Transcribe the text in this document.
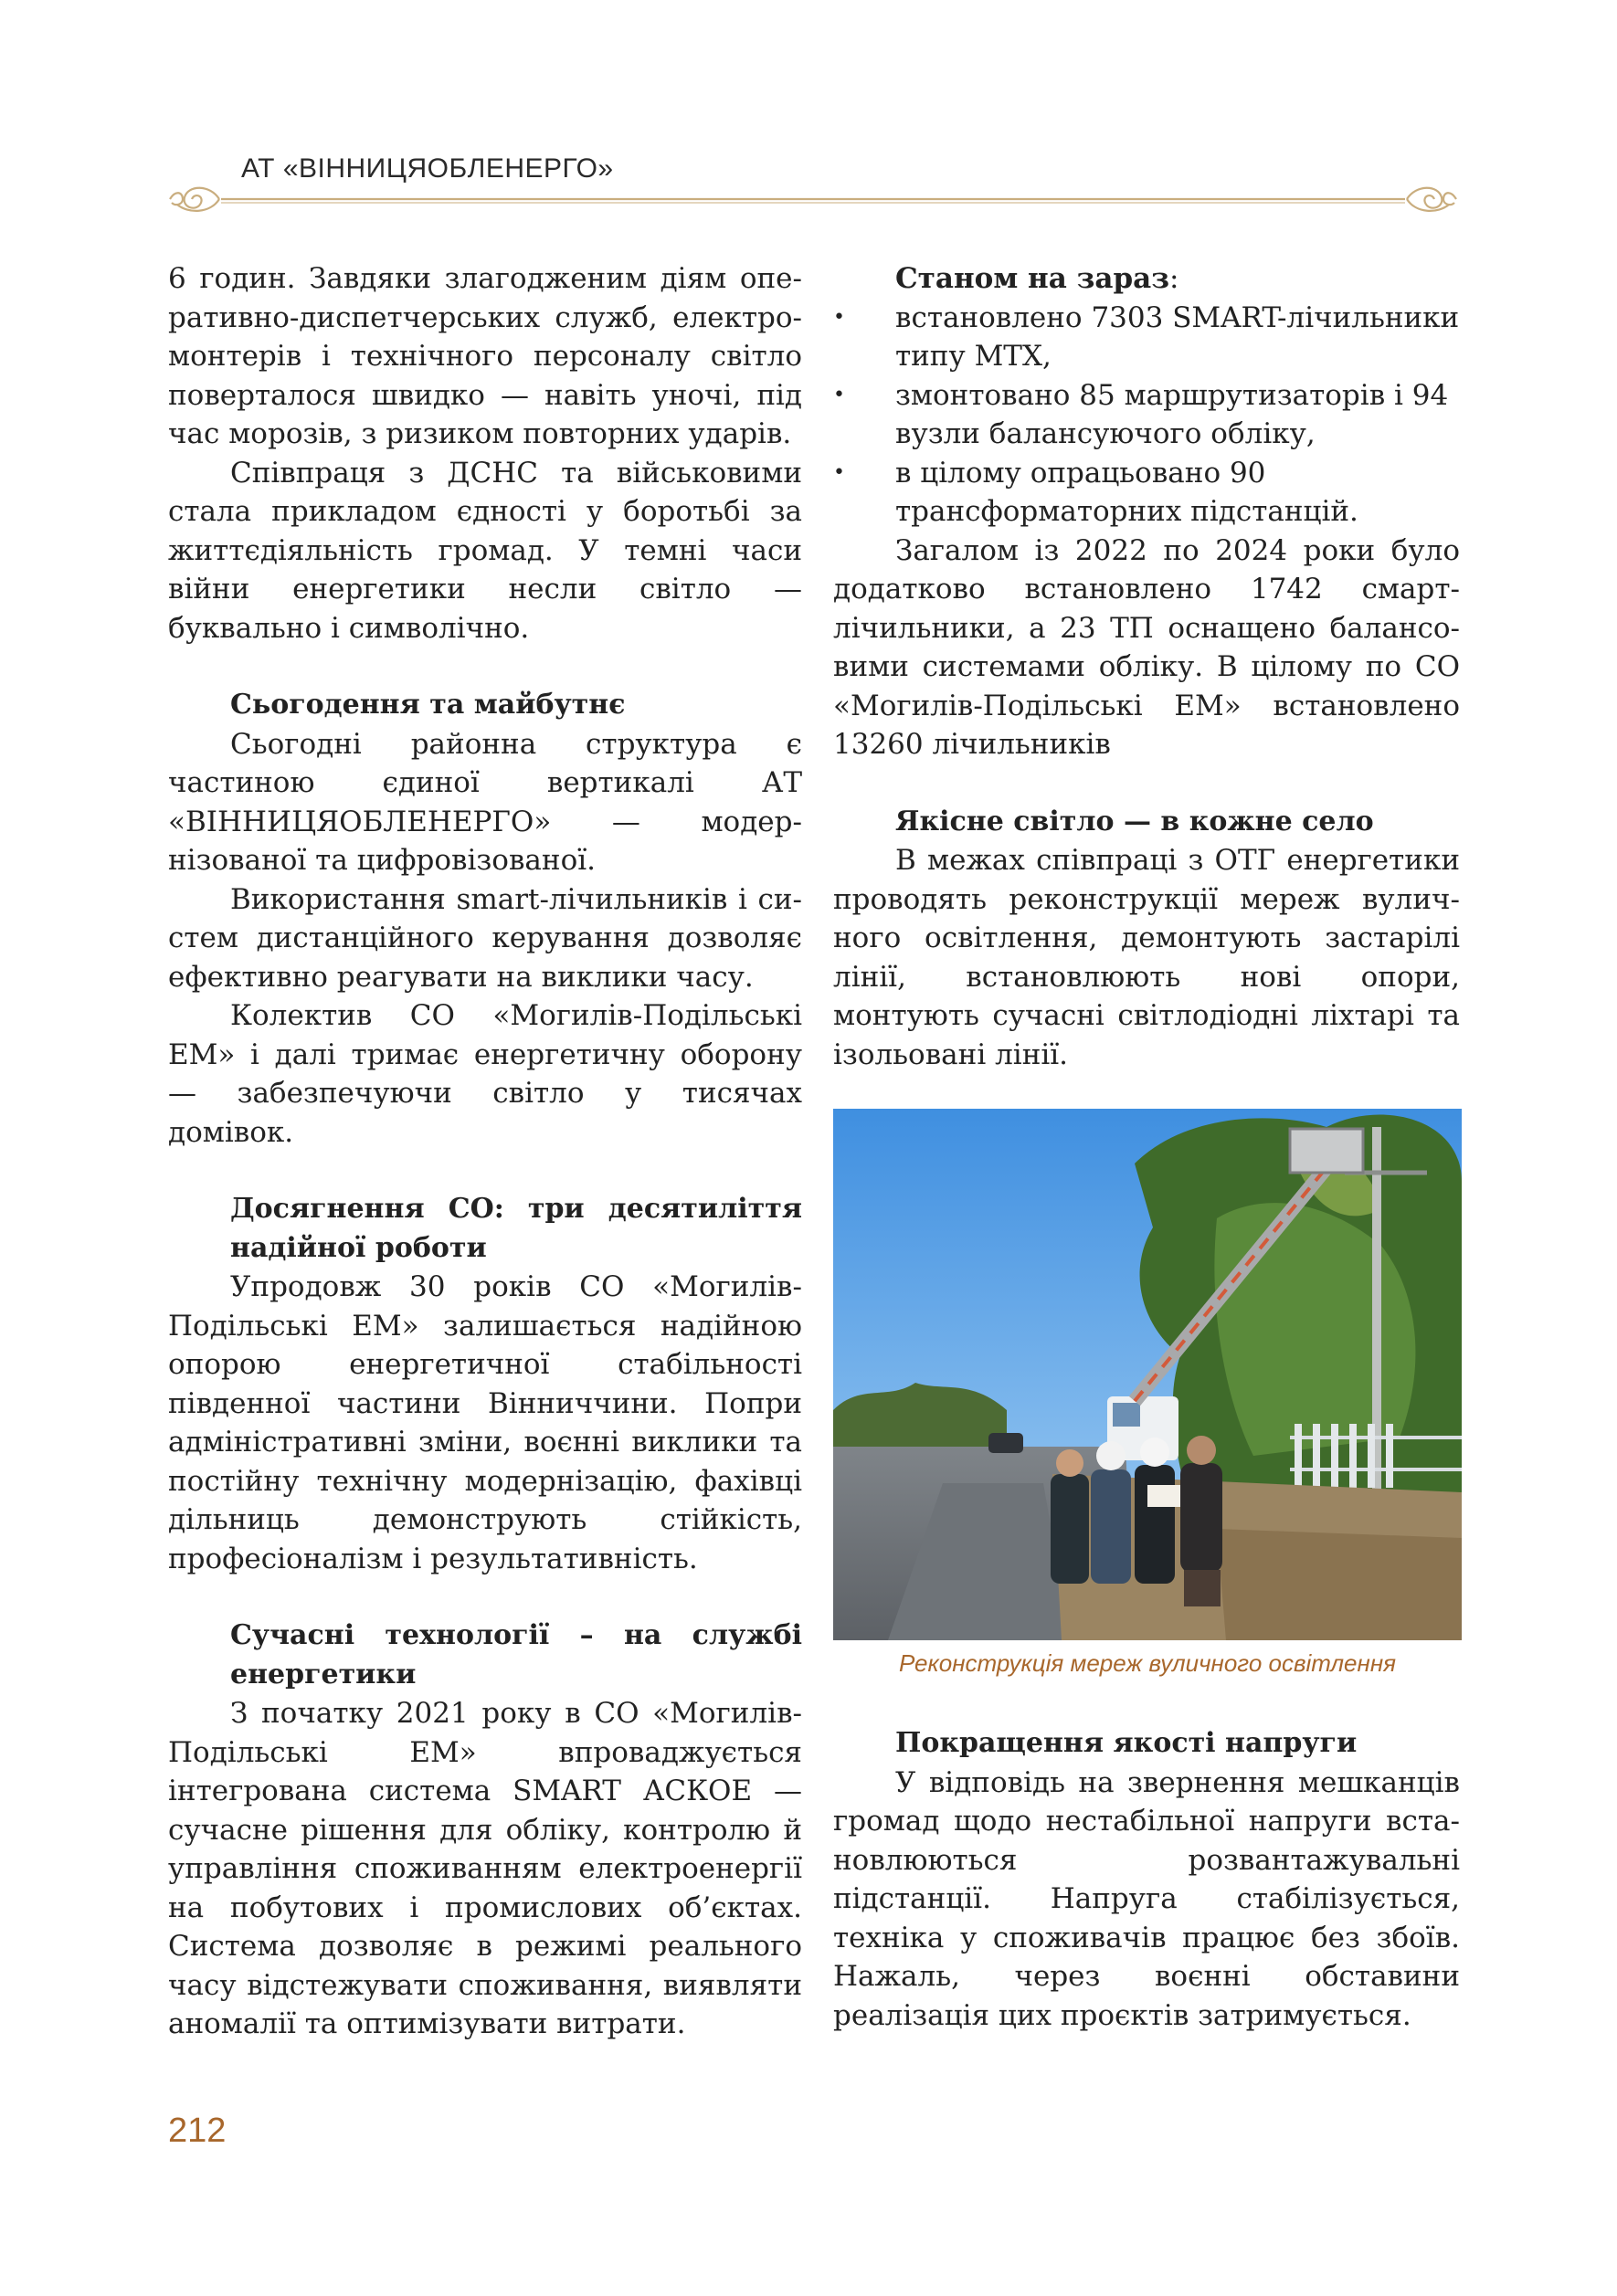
АТ «ВІННИЦЯОБЛЕНЕРГО»

6 годин. Завдяки злагодженим діям оперативно-диспетчерських служб, електромонтерів і технічного персоналу світло поверталося швидко — навіть уночі, під час морозів, з ризиком повторних ударів.

Співпраця з ДСНС та військовими стала прикладом єдності у боротьбі за життєдіяльність громад. У темні часи війни енергетики несли світло — буквально і символічно.

Сьогодення та майбутнє

Сьогодні районна структура є частиною єдиної вертикалі АТ «ВІННИЦЯОБЛЕНЕРГО» — модернізованої та цифровізованої.

Використання smart-лічильників і систем дистанційного керування дозволяє ефективно реагувати на виклики часу.

Колектив СО «Могилів-Подільські ЕМ» і далі тримає енергетичну оборону — забезпечуючи світло у тисячах домівок.

Досягнення СО: три десятиліття надійної роботи

Упродовж 30 років СО «Могилів-Подільські ЕМ» залишається надійною опорою енергетичної стабільності південної частини Вінниччини. Попри адміністративні зміни, воєнні виклики та постійну технічну модернізацію, фахівці дільниць демонструють стійкість, професіоналізм і результативність.

Сучасні технології – на службі енергетики

З початку 2021 року в СО «Могилів-Подільські ЕМ» впроваджується інтегрована система SMART АСКОЕ — сучасне рішення для обліку, контролю й управління споживанням електроенергії на побутових і промислових об’єктах. Система дозволяє в режимі реального часу відстежувати споживання, виявляти аномалії та оптимізувати витрати.

Станом на зараз:
• встановлено 7303 SMART-лічильники типу МТХ,
• змонтовано 85 маршрутизаторів і 94 вузли балансуючого обліку,
• в цілому опрацьовано 90 трансформаторних підстанцій.

Загалом із 2022 по 2024 роки було додатково встановлено 1742 смарт-лічильники, а 23 ТП оснащено балансовими системами обліку. В цілому по СО «Могилів-Подільські ЕМ» встановлено 13260 лічильників

Якісне світло — в кожне село

В межах співпраці з ОТГ енергетики проводять реконструкції мереж вуличного освітлення, демонтують застарілі лінії, встановлюють нові опори, монтують сучасні світлодіодні ліхтарі та ізольовані лінії.

Реконструкція мереж вуличного освітлення
Покращення якості напруги

У відповідь на звернення мешканців громад щодо нестабільної напруги встановлюються розвантажувальні підстанції. Напруга стабілізується, техніка у споживачів працює без збоїв. Нажаль, через воєнні обставини реалізація цих проєктів затримується.

212
